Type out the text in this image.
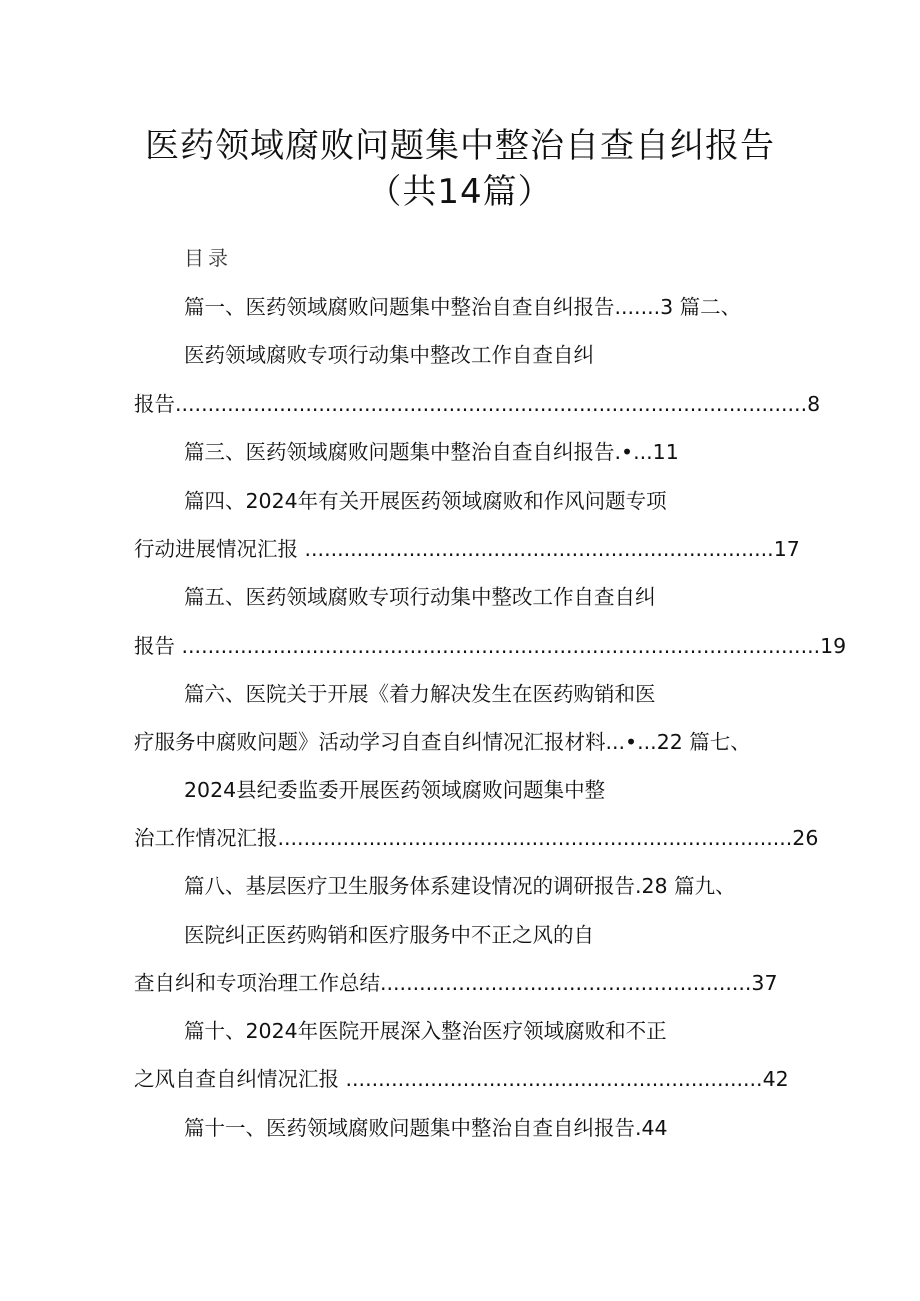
医药领域腐败问题集中整治自查自纠报告
（共14篇）
目录
篇一、医药领域腐败问题集中整治自查自纠报告.......3 篇二、
医药领域腐败专项行动集中整改工作自查自纠
报告.................................................................................................8
篇三、医药领域腐败问题集中整治自查自纠报告.•...11
篇四、2024年有关开展医药领域腐败和作风问题专项
行动进展情况汇报 ........................................................................17
篇五、医药领域腐败专项行动集中整改工作自查自纠
报告 ..................................................................................................19
篇六、医院关于开展《着力解决发生在医药购销和医
疗服务中腐败问题》活动学习自查自纠情况汇报材料...•...22 篇七、
2024县纪委监委开展医药领域腐败问题集中整
治工作情况汇报...............................................................................26
篇八、基层医疗卫生服务体系建设情况的调研报告.28 篇九、
医院纠正医药购销和医疗服务中不正之风的自
查自纠和专项治理工作总结.........................................................37
篇十、2024年医院开展深入整治医疗领域腐败和不正
之风自查自纠情况汇报 ................................................................42
篇十一、医药领域腐败问题集中整治自查自纠报告.44
